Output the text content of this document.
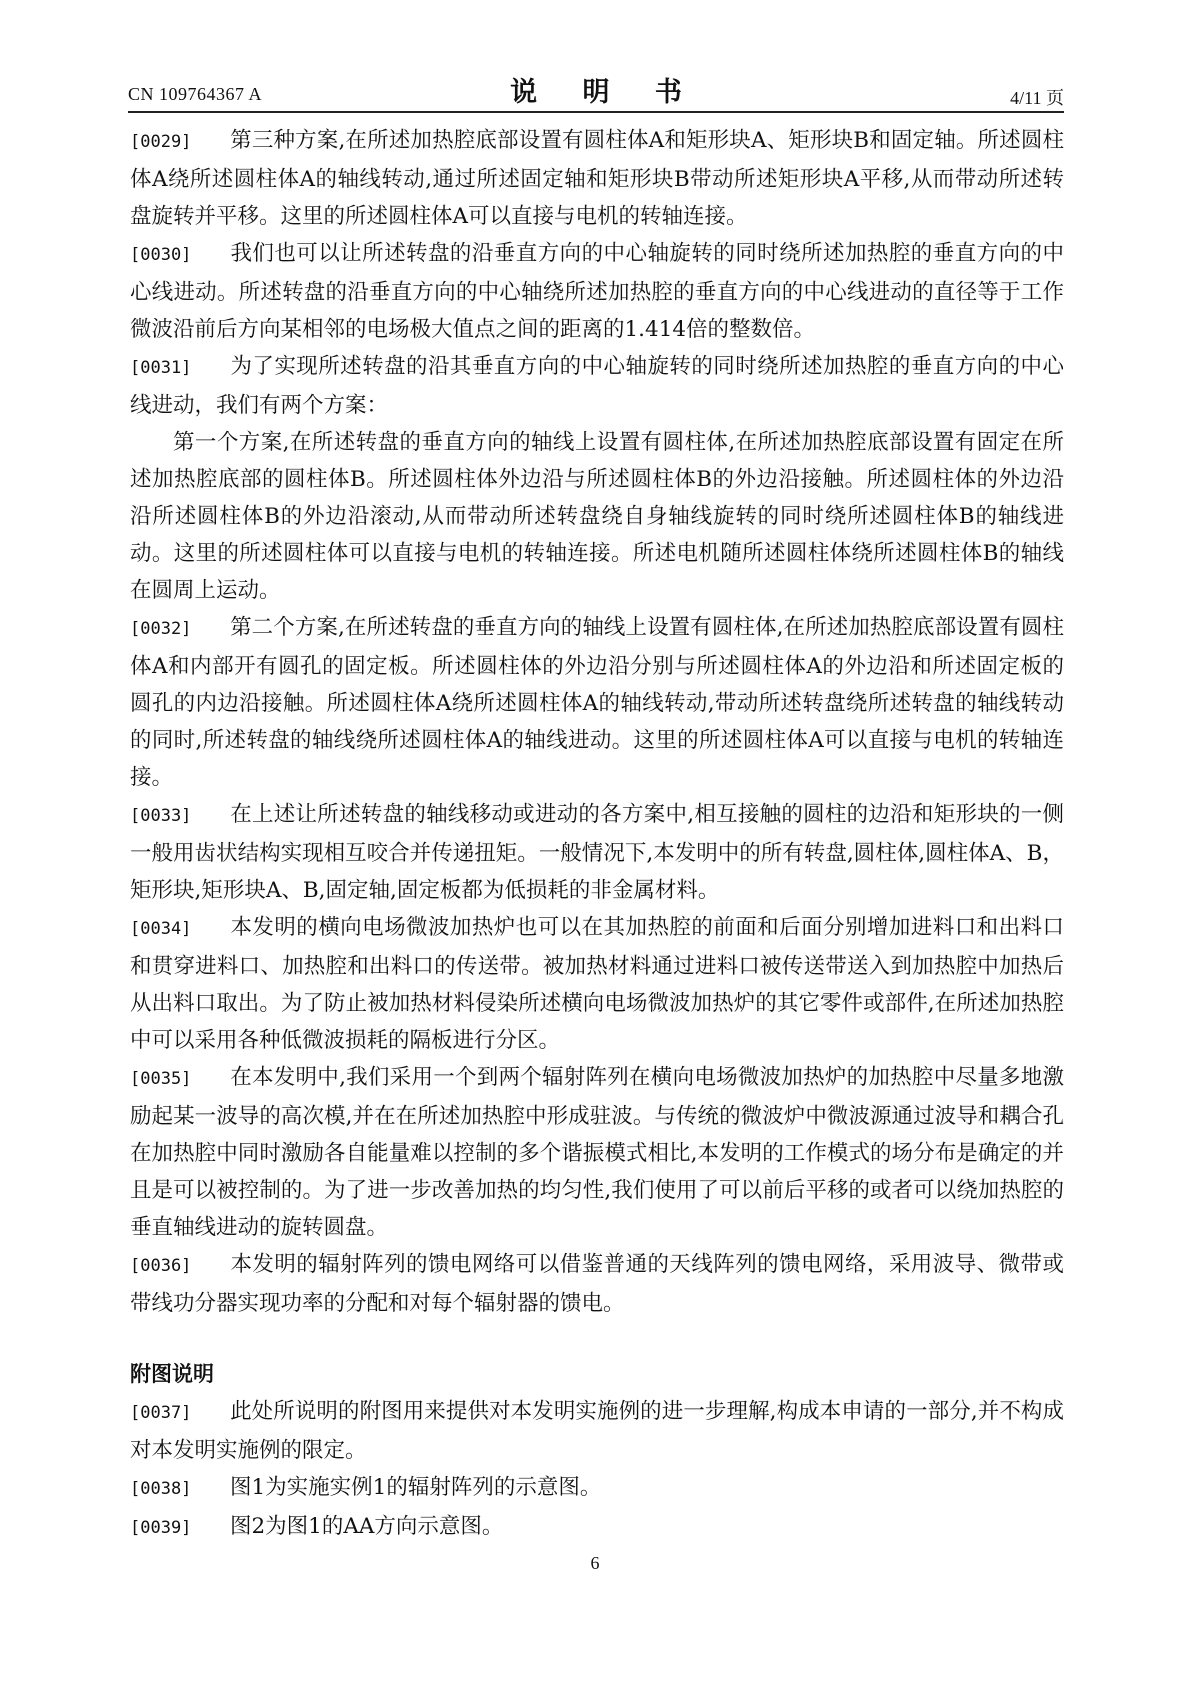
CN 109764367 A	说 明 书	4/11 页

[0029] 第三种方案,在所述加热腔底部设置有圆柱体A和矩形块A、矩形块B和固定轴。所述圆柱体A绕所述圆柱体A的轴线转动,通过所述固定轴和矩形块B带动所述矩形块A平移,从而带动所述转盘旋转并平移。这里的所述圆柱体A可以直接与电机的转轴连接。

[0030] 我们也可以让所述转盘的沿垂直方向的中心轴旋转的同时绕所述加热腔的垂直方向的中心线进动。所述转盘的沿垂直方向的中心轴绕所述加热腔的垂直方向的中心线进动的直径等于工作微波沿前后方向某相邻的电场极大值点之间的距离的1.414倍的整数倍。

[0031] 为了实现所述转盘的沿其垂直方向的中心轴旋转的同时绕所述加热腔的垂直方向的中心线进动，我们有两个方案：

第一个方案,在所述转盘的垂直方向的轴线上设置有圆柱体,在所述加热腔底部设置有固定在所述加热腔底部的圆柱体B。所述圆柱体外边沿与所述圆柱体B的外边沿接触。所述圆柱体的外边沿沿所述圆柱体B的外边沿滚动,从而带动所述转盘绕自身轴线旋转的同时绕所述圆柱体B的轴线进动。这里的所述圆柱体可以直接与电机的转轴连接。所述电机随所述圆柱体绕所述圆柱体B的轴线在圆周上运动。

[0032] 第二个方案,在所述转盘的垂直方向的轴线上设置有圆柱体,在所述加热腔底部设置有圆柱体A和内部开有圆孔的固定板。所述圆柱体的外边沿分别与所述圆柱体A的外边沿和所述固定板的圆孔的内边沿接触。所述圆柱体A绕所述圆柱体A的轴线转动,带动所述转盘绕所述转盘的轴线转动的同时,所述转盘的轴线绕所述圆柱体A的轴线进动。这里的所述圆柱体A可以直接与电机的转轴连接。

[0033] 在上述让所述转盘的轴线移动或进动的各方案中,相互接触的圆柱的边沿和矩形块的一侧一般用齿状结构实现相互咬合并传递扭矩。一般情况下,本发明中的所有转盘,圆柱体,圆柱体A、B，矩形块,矩形块A、B,固定轴,固定板都为低损耗的非金属材料。

[0034] 本发明的横向电场微波加热炉也可以在其加热腔的前面和后面分别增加进料口和出料口和贯穿进料口、加热腔和出料口的传送带。被加热材料通过进料口被传送带送入到加热腔中加热后从出料口取出。为了防止被加热材料侵染所述横向电场微波加热炉的其它零件或部件,在所述加热腔中可以采用各种低微波损耗的隔板进行分区。

[0035] 在本发明中,我们采用一个到两个辐射阵列在横向电场微波加热炉的加热腔中尽量多地激励起某一波导的高次模,并在在所述加热腔中形成驻波。与传统的微波炉中微波源通过波导和耦合孔在加热腔中同时激励各自能量难以控制的多个谐振模式相比,本发明的工作模式的场分布是确定的并且是可以被控制的。为了进一步改善加热的均匀性,我们使用了可以前后平移的或者可以绕加热腔的垂直轴线进动的旋转圆盘。

[0036] 本发明的辐射阵列的馈电网络可以借鉴普通的天线阵列的馈电网络，采用波导、微带或带线功分器实现功率的分配和对每个辐射器的馈电。

附图说明

[0037] 此处所说明的附图用来提供对本发明实施例的进一步理解,构成本申请的一部分,并不构成对本发明实施例的限定。

[0038] 图1为实施实例1的辐射阵列的示意图。

[0039] 图2为图1的AA方向示意图。

6
